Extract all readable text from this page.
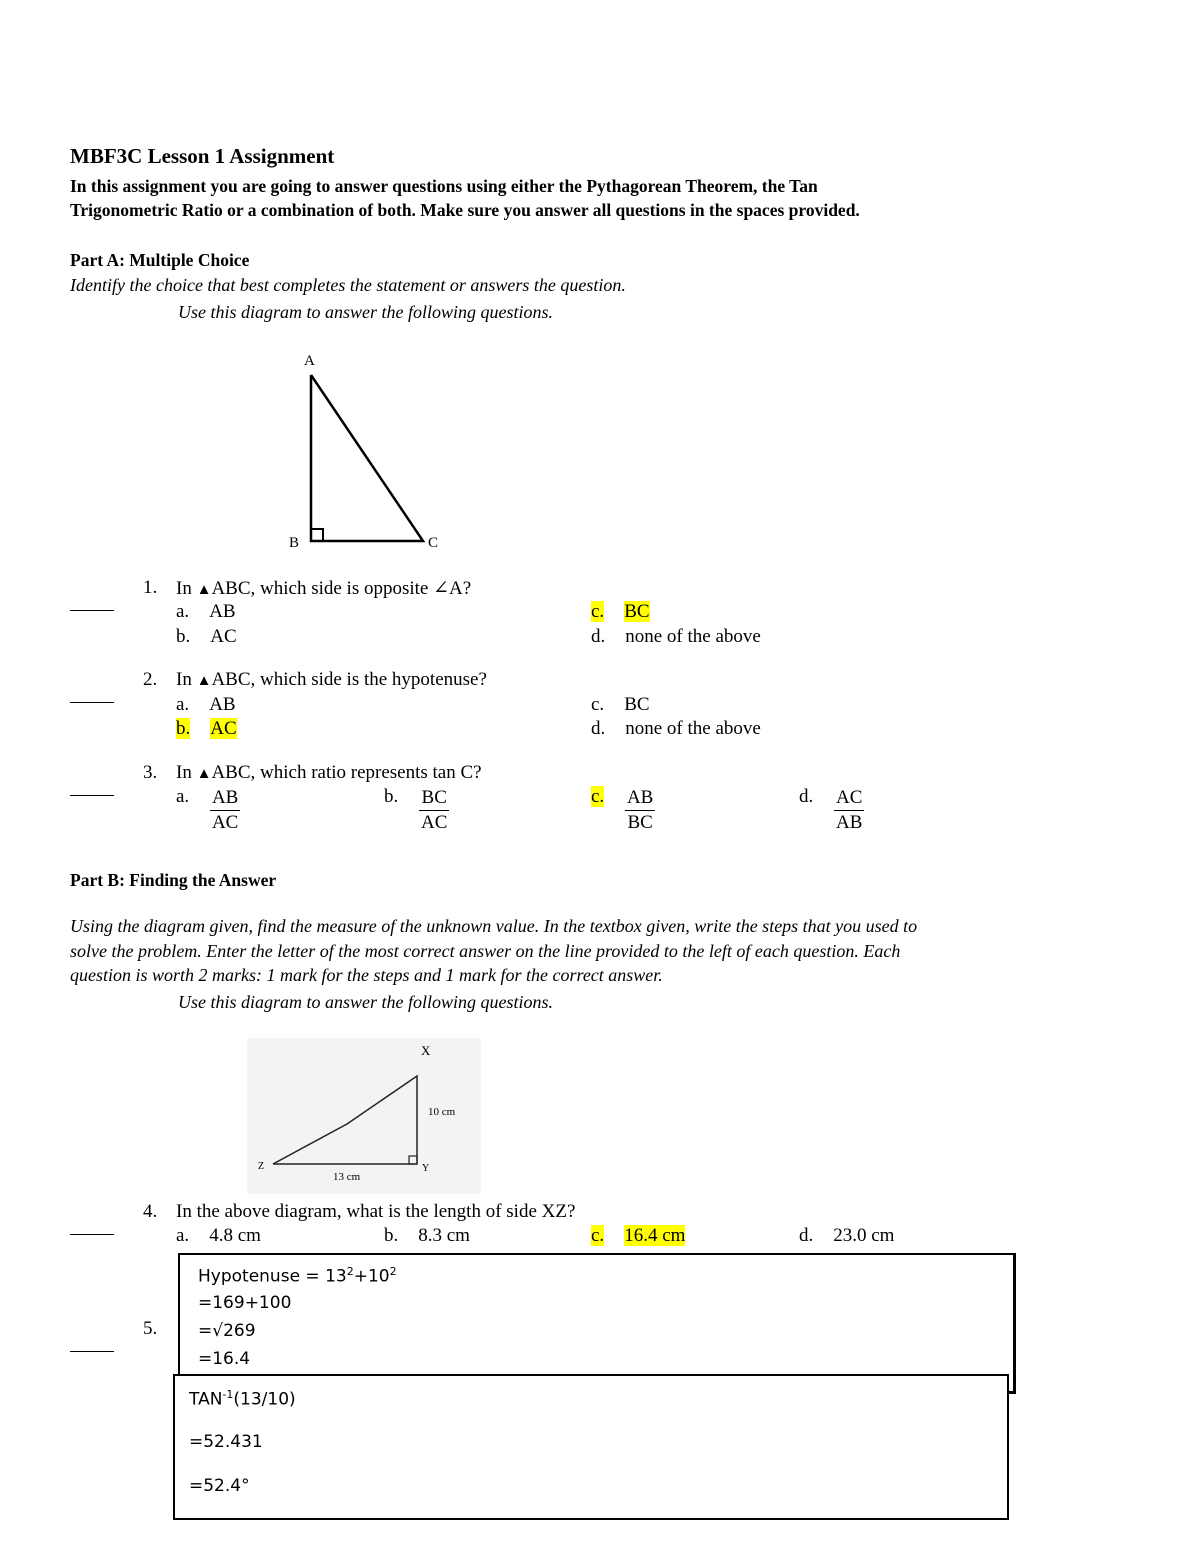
MBF3C Lesson 1 Assignment
In this assignment you are going to answer questions using either the Pythagorean Theorem, the Tan
Trigonometric Ratio or a combination of both. Make sure you answer all questions in the spaces provided.
Part A: Multiple Choice
Identify the choice that best completes the statement or answers the question.
Use this diagram to answer the following questions.
A
B	C
1. In ▲ABC, which side is opposite ∠A?
a. AB
b. AC
c. BC
d. none of the above
2. In ▲ABC, which side is the hypotenuse?
a. AB
b. AC
c. BC
d. none of the above
3. In ▲ABC, which ratio represents tan C?
a. $\frac{AB}{AC}$	b. $\frac{BC}{AC}$	c. $\frac{AB}{BC}$	d. $\frac{AC}{AB}$
Part B: Finding the Answer
Using the diagram given, find the measure of the unknown value. In the textbox given, write the steps that you used to
solve the problem. Enter the letter of the most correct answer on the line provided to the left of each question. Each
question is worth 2 marks: 1 mark for the steps and 1 mark for the correct answer.
Use this diagram to answer the following questions.
X
Y
Z
10 cm
13 cm
4. In the above diagram, what is the length of side XZ?
a. 4.8 cm	b. 8.3 cm	c. 16.4 cm	d. 23.0 cm
5.
Hypotenuse = $13^2+10^2$
=169+100
=√269
=16.4
$TAN^{-1}(13/10)$
=52.431
=52.4°
